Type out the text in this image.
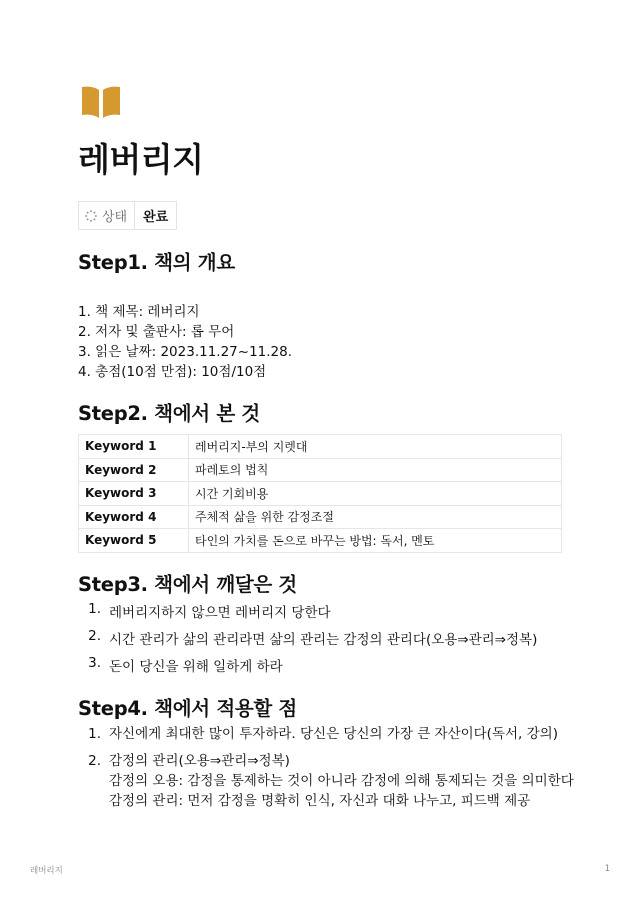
레버리지
상태	완료
Step1. 책의 개요
1. 책 제목: 레버리지
2. 저자 및 출판사: 롭 무어
3. 읽은 날짜: 2023.11.27~11.28.
4. 총점(10점 만점): 10점/10점
Step2. 책에서 본 것
Keyword 1	레버리지-부의 지렛대
Keyword 2	파레토의 법칙
Keyword 3	시간 기회비용
Keyword 4	주체적 삶을 위한 감정조절
Keyword 5	타인의 가치를 돈으로 바꾸는 방법: 독서, 멘토
Step3. 책에서 깨달은 것
1. 레버리지하지 않으면 레버리지 당한다
2. 시간 관리가 삶의 관리라면 삶의 관리는 감정의 관리다(오용⇒관리⇒정복)
3. 돈이 당신을 위해 일하게 하라
Step4. 책에서 적용할 점
1. 자신에게 최대한 많이 투자하라. 당신은 당신의 가장 큰 자산이다(독서, 강의)
2. 감정의 관리(오용⇒관리⇒정복)
감정의 오용: 감정을 통제하는 것이 아니라 감정에 의해 통제되는 것을 의미한다
감정의 관리: 먼저 감정을 명확히 인식, 자신과 대화 나누고, 피드백 제공
레버리지	1
